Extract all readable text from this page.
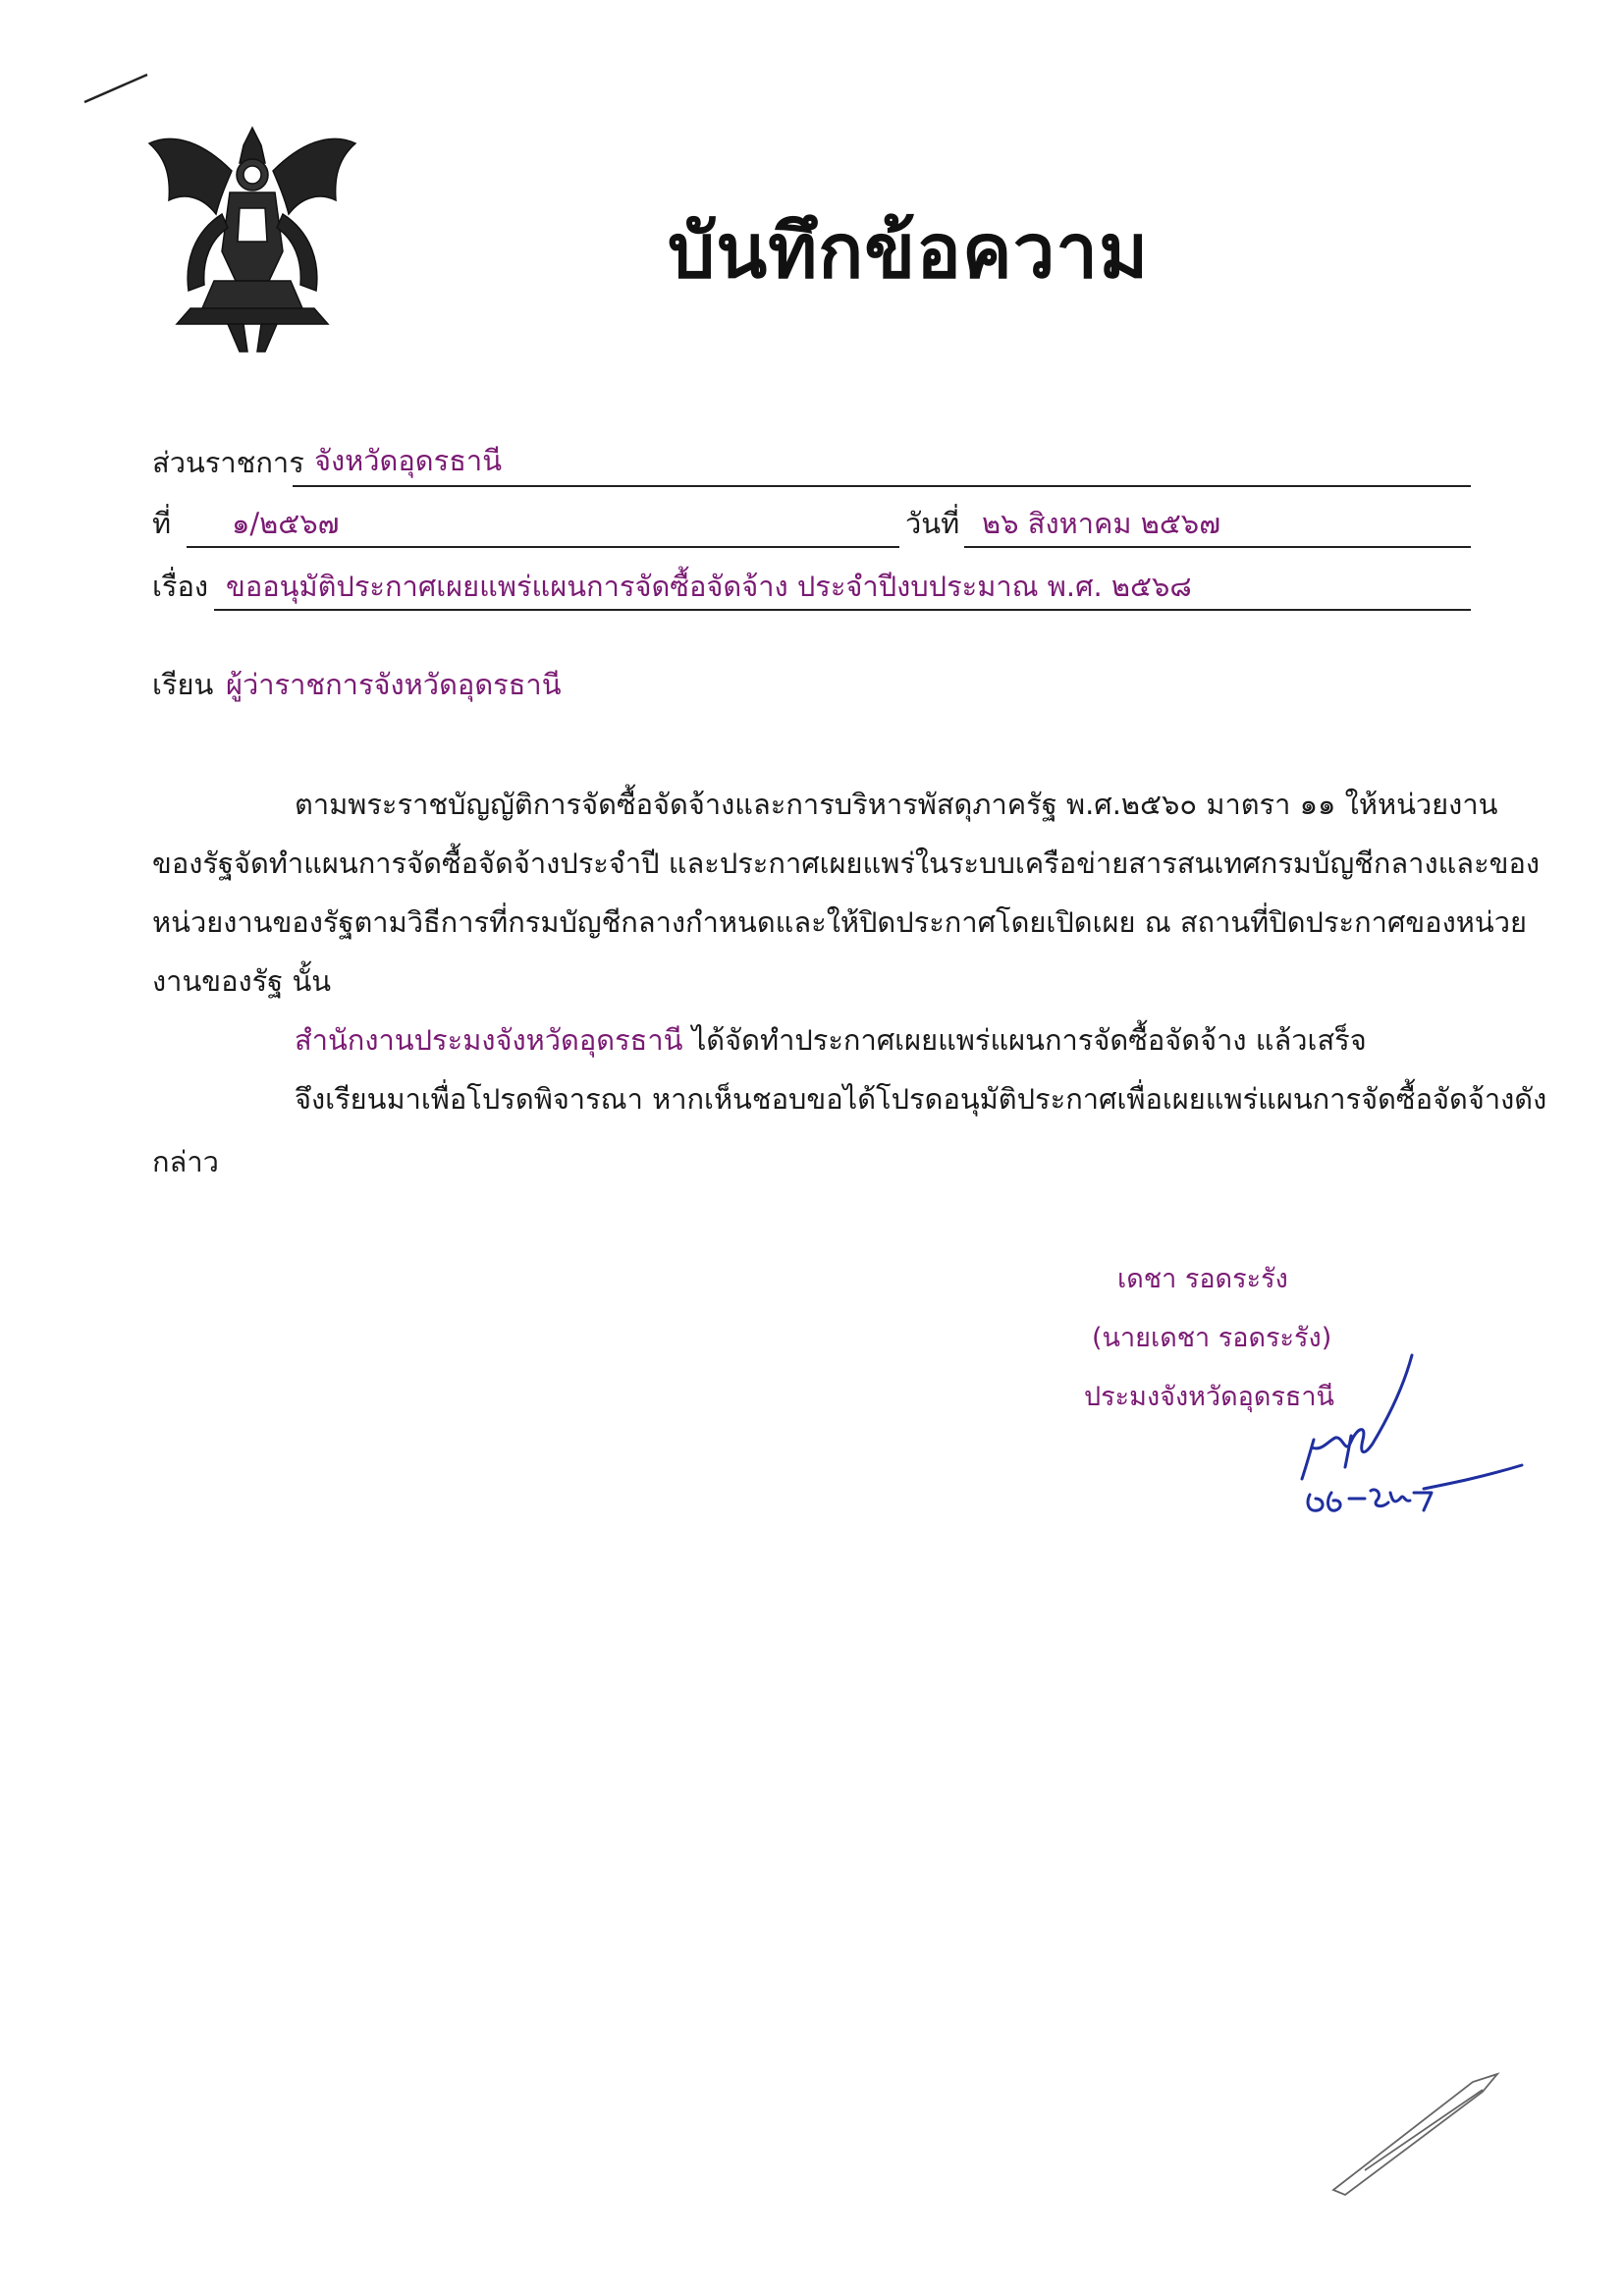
บันทึกข้อความ
ส่วนราชการ จังหวัดอุดรธานี
ที่ ๑/๒๕๖๗	วันที่ ๒๖ สิงหาคม ๒๕๖๗
เรื่อง ขออนุมัติประกาศเผยแพร่แผนการจัดซื้อจัดจ้าง ประจำปีงบประมาณ พ.ศ. ๒๕๖๘
เรียน ผู้ว่าราชการจังหวัดอุดรธานี
ตามพระราชบัญญัติการจัดซื้อจัดจ้างและการบริหารพัสดุภาครัฐ พ.ศ.๒๕๖๐ มาตรา ๑๑ ให้หน่วยงาน
ของรัฐจัดทำแผนการจัดซื้อจัดจ้างประจำปี และประกาศเผยแพร่ในระบบเครือข่ายสารสนเทศกรมบัญชีกลางและของ
หน่วยงานของรัฐตามวิธีการที่กรมบัญชีกลางกำหนดและให้ปิดประกาศโดยเปิดเผย ณ สถานที่ปิดประกาศของหน่วย
งานของรัฐ นั้น
สำนักงานประมงจังหวัดอุดรธานี ได้จัดทำประกาศเผยแพร่แผนการจัดซื้อจัดจ้าง แล้วเสร็จ
จึงเรียนมาเพื่อโปรดพิจารณา หากเห็นชอบขอได้โปรดอนุมัติประกาศเพื่อเผยแพร่แผนการจัดซื้อจัดจ้างดัง
กล่าว
เดชา รอดระรัง
(นายเดชา รอดระรัง)
ประมงจังหวัดอุดรธานี
